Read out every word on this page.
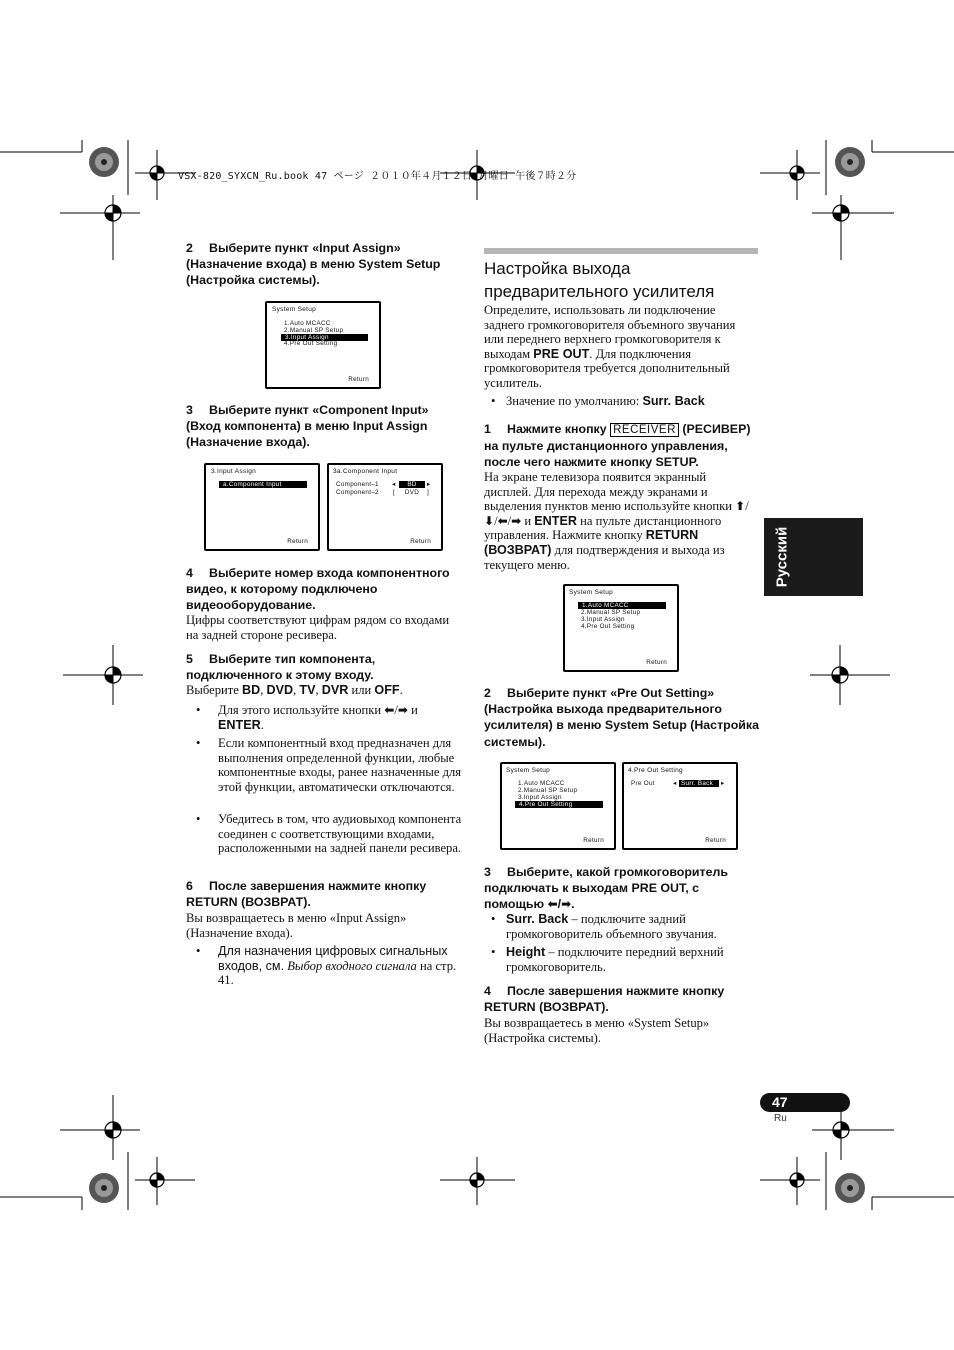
VSX-820_SYXCN_Ru.book 47 ページ ２０１０年４月１２日 月曜日 午後７時２分
2 Выберите пункт «Input Assign» (Назначение входа) в меню System Setup (Настройка системы).
System Setup
1.Auto MCACC
2.Manual SP Setup
3.Input Assign
4.Pre Out Setting
Return
3 Выберите пункт «Component Input» (Вход компонента) в меню Input Assign (Назначение входа).
3.Input Assign
a.Component Input
Return
3a.Component Input
Component–1 ◂	BD	▸
Component–2 [	DVD	]
Return
4 Выберите номер входа компонентного видео, к которому подключено видеооборудование.
Цифры соответствуют цифрам рядом со входами на задней стороне ресивера.
5 Выберите тип компонента, подключенного к этому входу.
Выберите BD, DVD, TV, DVR или OFF.
• Для этого используйте кнопки ⬅/➡ и ENTER.
• Если компонентный вход предназначен для выполнения определенной функции, любые компонентные входы, ранее назначенные для этой функции, автоматически отключаются.
• Убедитесь в том, что аудиовыход компонента соединен с соответствующими входами, расположенными на задней панели ресивера.
6 После завершения нажмите кнопку RETURN (ВОЗВРАТ).
Вы возвращаетесь в меню «Input Assign» (Назначение входа).
• Для назначения цифровых сигнальных входов, см. Выбор входного сигнала на стр. 41.
Настройка выхода предварительного усилителя
Определите, использовать ли подключение заднего громкоговорителя объемного звучания или переднего верхнего громкоговорителя к выходам PRE OUT. Для подключения громкоговорителя требуется дополнительный усилитель.
• Значение по умолчанию: Surr. Back
1 Нажмите кнопку RECEIVER (РЕСИВЕР) на пульте дистанционного управления, после чего нажмите кнопку SETUP.
На экране телевизора появится экранный дисплей. Для перехода между экранами и выделения пунктов меню используйте кнопки ⬆/⬇/⬅/➡ и ENTER на пульте дистанционного управления. Нажмите кнопку RETURN (ВОЗВРАТ) для подтверждения и выхода из текущего меню.
System Setup
1.Auto MCACC
2.Manual SP Setup
3.Input Assign
4.Pre Out Setting
Return
2 Выберите пункт «Pre Out Setting» (Настройка выхода предварительного усилителя) в меню System Setup (Настройка системы).
System Setup
1.Auto MCACC
2.Manual SP Setup
3.Input Assign
4.Pre Out Setting
Return
4.Pre Out Setting
Pre Out	◂ Surr. Back	▸
Return
3 Выберите, какой громкоговоритель подключать к выходам PRE OUT, с помощью ⬅/➡.
• Surr. Back – подключите задний громкоговоритель объемного звучания.
• Height – подключите передний верхний громкоговоритель.
4 После завершения нажмите кнопку RETURN (ВОЗВРАТ).
Вы возвращаетесь в меню «System Setup» (Настройка системы).
Русский
47
Ru
